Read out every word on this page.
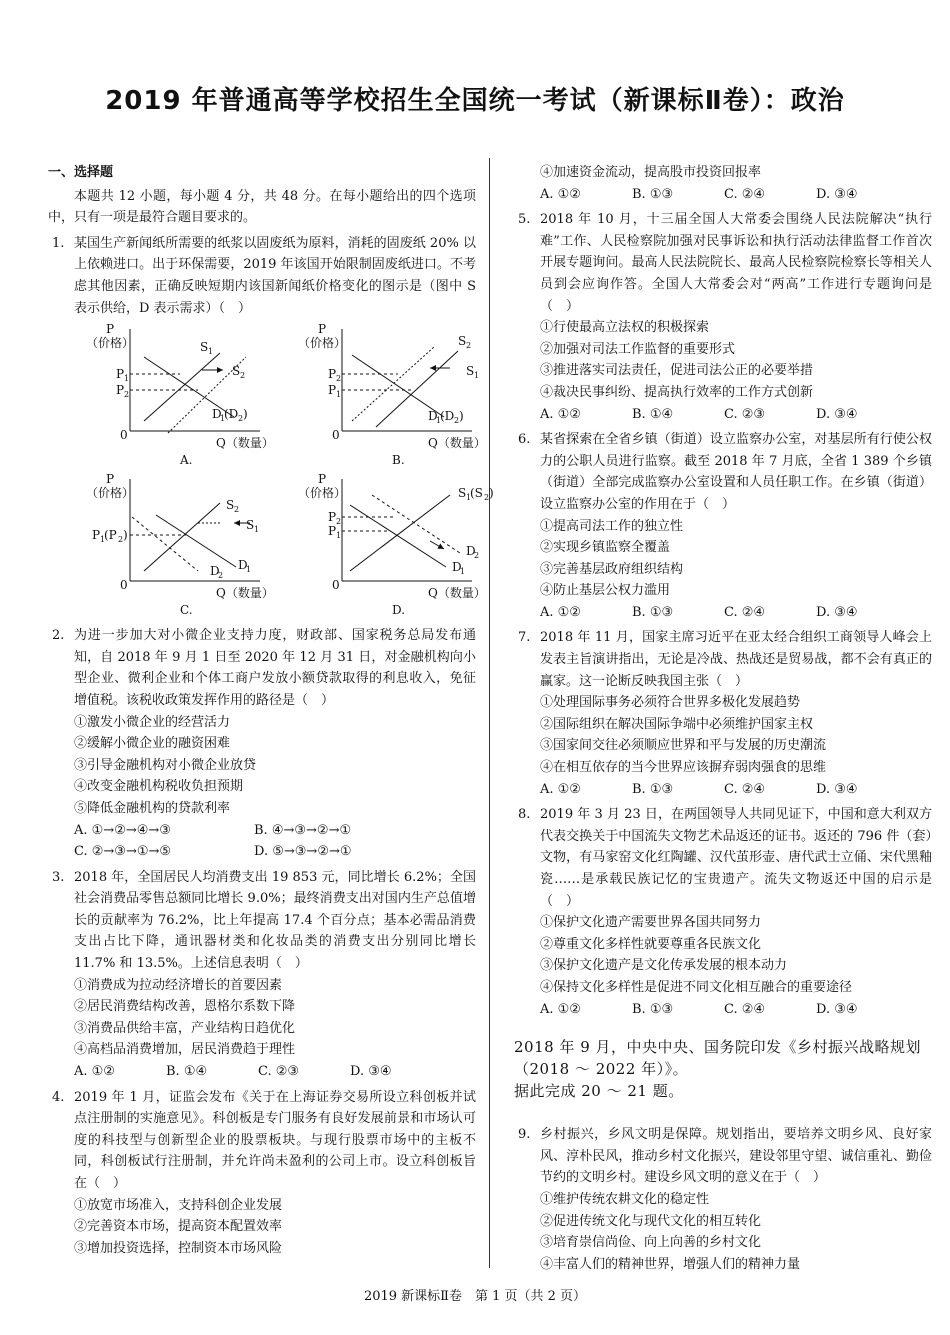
2019 年普通高等学校招生全国统一考试（新课标Ⅱ卷）：政治
一、选择题
本题共 12 小题，每小题 4 分，共 48 分。在每小题给出的四个选项中，只有一项是最符合题目要求的。
1. 某国生产新闻纸所需要的纸浆以固废纸为原料，消耗的固废纸 20% 以上依赖进口。出于环保需要，2019 年该国开始限制固废纸进口。不考虑其他因素，正确反映短期内该国新闻纸价格变化的图示是（图中 S 表示供给，D 表示需求）（　）
P
（价格）
0
Q（数量）
A.
S 1
S 2
P 1
P 2
D
1
(D 2 )
P
（价格）
0
Q（数量）
B.
S 2
S 1
P 2
P 1
D
1
(D 2 )
P
（价格）
0
Q（数量）
C.
S 2
S 1
P 1
(P 2 )
D
2
D
1
P
（价格）
0
Q（数量）
D.
S 1
(S 2 )
P 2
P 1
D
2
D
1
2. 为进一步加大对小微企业支持力度，财政部、国家税务总局发布通知，自 2018 年 9 月 1 日至 2020 年 12 月 31 日，对金融机构向小型企业、微利企业和个体工商户发放小额贷款取得的利息收入，免征增值税。该税收政策发挥作用的路径是（　）
①激发小微企业的经营活力
②缓解小微企业的融资困难
③引导金融机构对小微企业放贷
④改变金融机构税收负担预期
⑤降低金融机构的贷款利率
A. ①→②→④→③	B. ④→③→②→①
C. ②→③→①→⑤	D. ⑤→③→②→①
3. 2018 年，全国居民人均消费支出 19 853 元，同比增长 6.2%；全国社会消费品零售总额同比增长 9.0%；最终消费支出对国内生产总值增长的贡献率为 76.2%，比上年提高 17.4 个百分点；基本必需品消费支出占比下降，通讯器材类和化妆品类的消费支出分别同比增长 11.7% 和 13.5%。上述信息表明（　）
①消费成为拉动经济增长的首要因素
②居民消费结构改善，恩格尔系数下降
③消费品供给丰富，产业结构日趋优化
④高档品消费增加，居民消费趋于理性
A. ①②	B. ①④	C. ②③	D. ③④
4. 2019 年 1 月，证监会发布《关于在上海证券交易所设立科创板并试点注册制的实施意见》。科创板是专门服务有良好发展前景和市场认可度的科技型与创新型企业的股票板块。与现行股票市场中的主板不同，科创板试行注册制，并允许尚未盈利的公司上市。设立科创板旨在（　）
①放宽市场准入，支持科创企业发展
②完善资本市场，提高资本配置效率
③增加投资选择，控制资本市场风险
④加速资金流动，提高股市投资回报率
A. ①②	B. ①③	C. ②④	D. ③④
5. 2018 年 10 月，十三届全国人大常委会围绕人民法院解决“执行难”工作、人民检察院加强对民事诉讼和执行活动法律监督工作首次开展专题询问。最高人民法院院长、最高人民检察院检察长等相关人员到会应询作答。全国人大常委会对“两高”工作进行专题询问是（　）
①行使最高立法权的积极探索
②加强对司法工作监督的重要形式
③推进落实司法责任，促进司法公正的必要举措
④裁决民事纠纷、提高执行效率的工作方式创新
A. ①②	B. ①④	C. ②③	D. ③④
6. 某省探索在全省乡镇（街道）设立监察办公室，对基层所有行使公权力的公职人员进行监察。截至 2018 年 7 月底，全省 1 389 个乡镇（街道）全部完成监察办公室设置和人员任职工作。在乡镇（街道）设立监察办公室的作用在于（　）
①提高司法工作的独立性
②实现乡镇监察全覆盖
③完善基层政府组织结构
④防止基层公权力滥用
A. ①②	B. ①③	C. ②④	D. ③④
7. 2018 年 11 月，国家主席习近平在亚太经合组织工商领导人峰会上发表主旨演讲指出，无论是冷战、热战还是贸易战，都不会有真正的赢家。这一论断反映我国主张（　）
①处理国际事务必须符合世界多极化发展趋势
②国际组织在解决国际争端中必须维护国家主权
③国家间交往必须顺应世界和平与发展的历史潮流
④在相互依存的当今世界应该摒弃弱肉强食的思维
A. ①②	B. ①③	C. ②④	D. ③④
8. 2019 年 3 月 23 日，在两国领导人共同见证下，中国和意大利双方代表交换关于中国流失文物艺术品返还的证书。返还的 796 件（套）文物，有马家窑文化红陶罐、汉代茧形壶、唐代武士立俑、宋代黑釉瓷……是承载民族记忆的宝贵遗产。流失文物返还中国的启示是（　）
①保护文化遗产需要世界各国共同努力
②尊重文化多样性就要尊重各民族文化
③保护文化遗产是文化传承发展的根本动力
④保持文化多样性是促进不同文化相互融合的重要途径
A. ①②	B. ①③	C. ②④	D. ③④
2018 年 9 月，中央中央、国务院印发《乡村振兴战略规划（2018 ～ 2022 年）》。
据此完成 20 ～ 21 题。
9. 乡村振兴，乡风文明是保障。规划指出，要培养文明乡风、良好家风、淳朴民风，推动乡村文化振兴，建设邻里守望、诚信重礼、勤俭节约的文明乡村。建设乡风文明的意义在于（　）
①维护传统农耕文化的稳定性
②促进传统文化与现代文化的相互转化
③培育崇信尚俭、向上向善的乡村文化
④丰富人们的精神世界，增强人们的精神力量
2019 新课标Ⅱ卷　第 1 页（共 2 页）
